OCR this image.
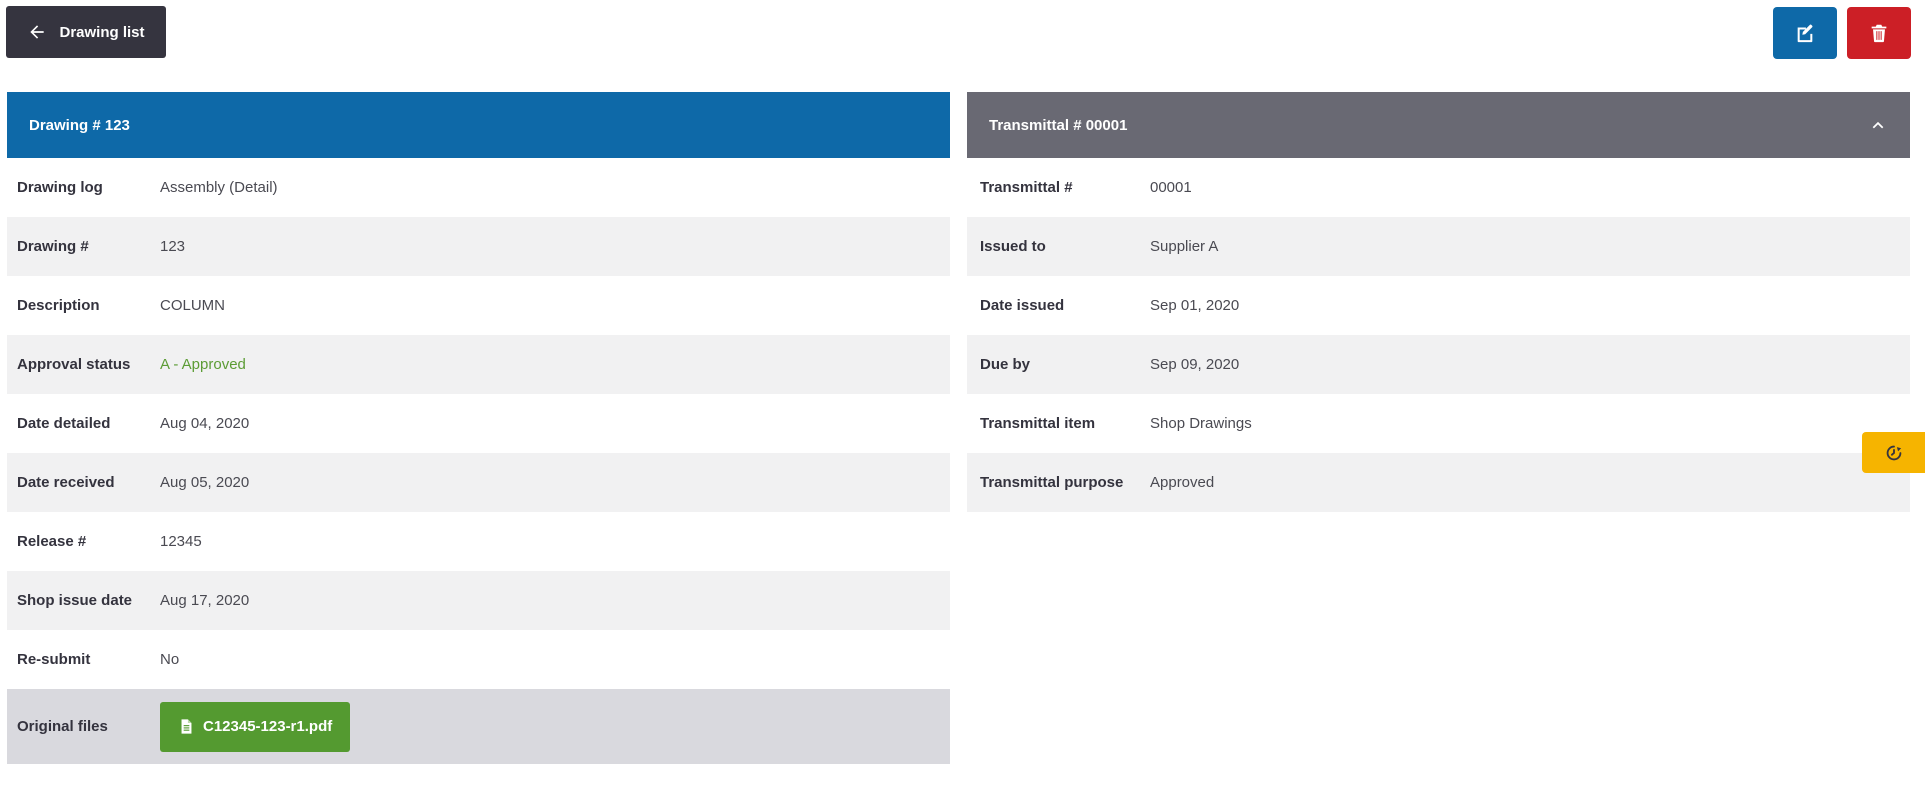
Drawing list
Drawing # 123
Drawing log	Assembly (Detail)
Drawing #	123
Description	COLUMN
Approval status	A - Approved
Date detailed	Aug 04, 2020
Date received	Aug 05, 2020
Release #	12345
Shop issue date	Aug 17, 2020
Re-submit	No
Original files	C12345-123-r1.pdf
Transmittal # 00001
Transmittal #	00001
Issued to	Supplier A
Date issued	Sep 01, 2020
Due by	Sep 09, 2020
Transmittal item	Shop Drawings
Transmittal purpose	Approved
